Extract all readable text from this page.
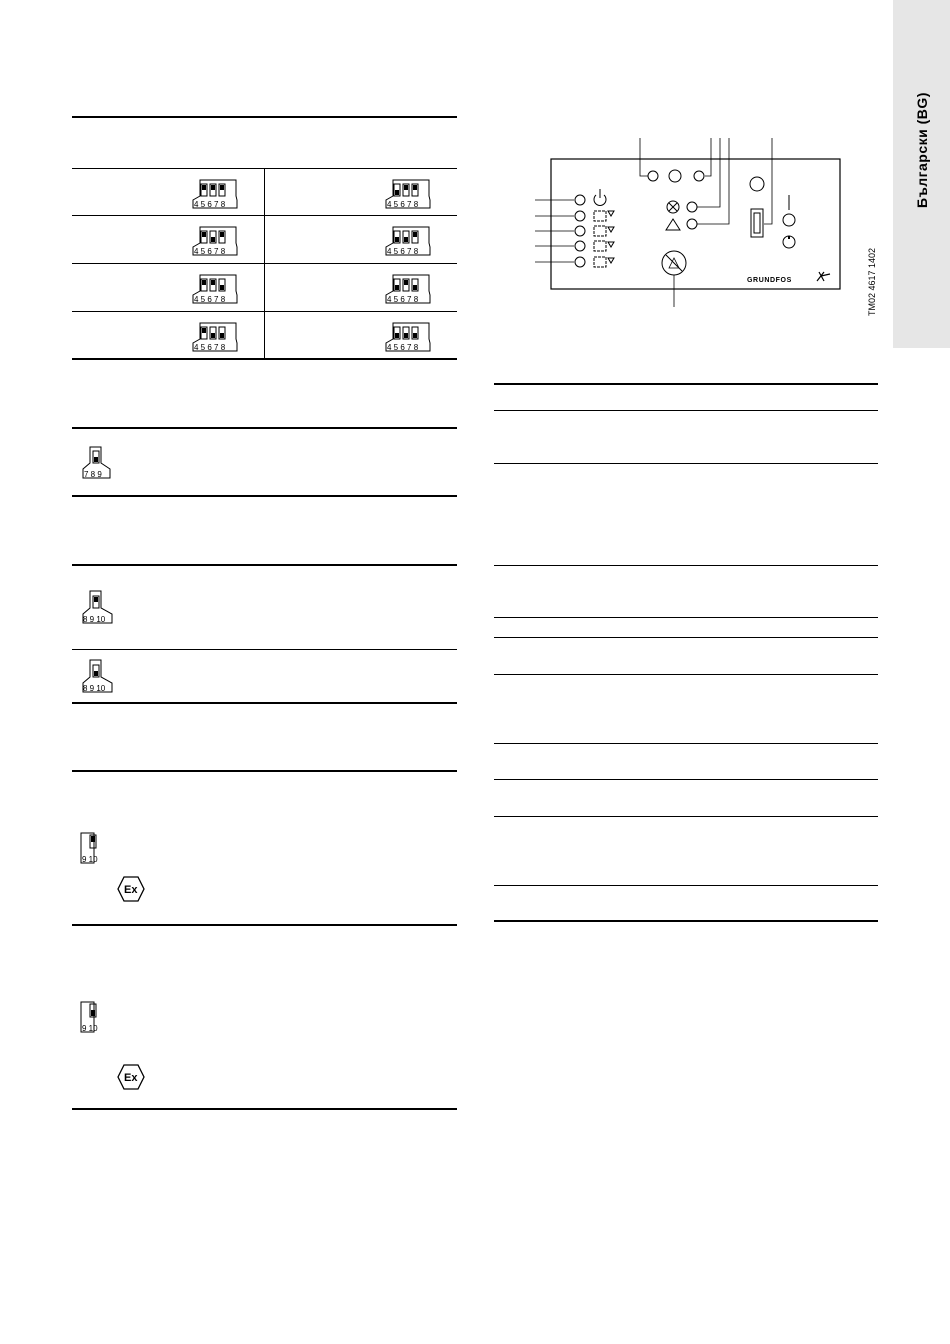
Български (BG)
4 5 6 7 8	4 5 6 7 8
4 5 6 7 8	4 5 6 7 8
4 5 6 7 8	4 5 6 7 8
4 5 6 7 8	4 5 6 7 8
7 8 9
8 9 10
8 9 10
9 10
Ex
9 10
Ex
GRUNDFOS	TM02 4617 1402
